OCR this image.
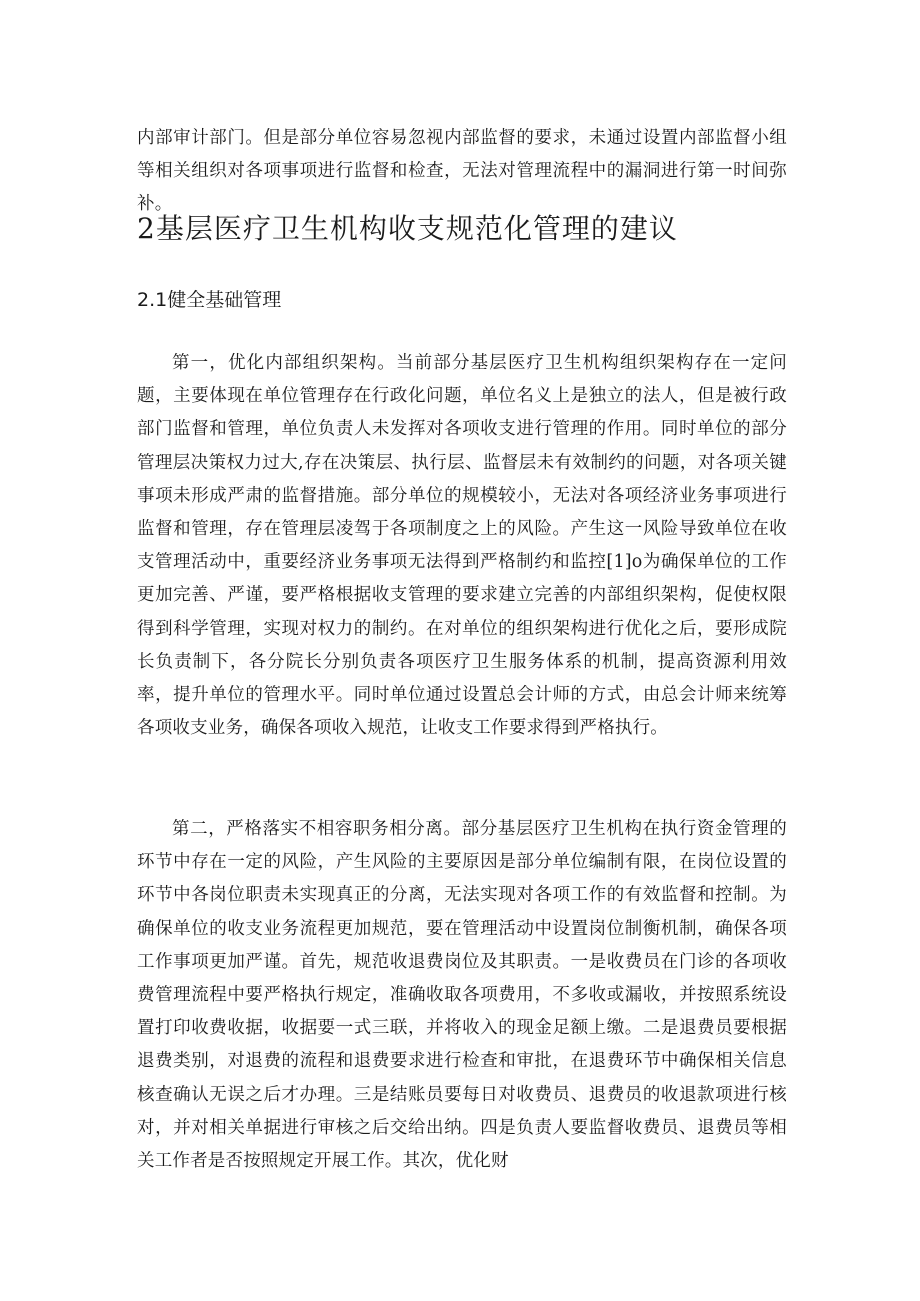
内部审计部门。但是部分单位容易忽视内部监督的要求，未通过设置内部监督小组等相关组织对各项事项进行监督和检查，无法对管理流程中的漏洞进行第一时间弥补。

2基层医疗卫生机构收支规范化管理的建议
2.1健全基础管理

第一，优化内部组织架构。当前部分基层医疗卫生机构组织架构存在一定问题，主要体现在单位管理存在行政化问题，单位名义上是独立的法人，但是被行政部门监督和管理，单位负责人未发挥对各项收支进行管理的作用。同时单位的部分管理层决策权力过大,存在决策层、执行层、监督层未有效制约的问题，对各项关键事项未形成严肃的监督措施。部分单位的规模较小，无法对各项经济业务事项进行监督和管理，存在管理层凌驾于各项制度之上的风险。产生这一风险导致单位在收支管理活动中，重要经济业务事项无法得到严格制约和监控[1]o为确保单位的工作更加完善、严谨，要严格根据收支管理的要求建立完善的内部组织架构，促使权限得到科学管理，实现对权力的制约。在对单位的组织架构进行优化之后，要形成院长负责制下，各分院长分别负责各项医疗卫生服务体系的机制，提高资源利用效率，提升单位的管理水平。同时单位通过设置总会计师的方式，由总会计师来统筹各项收支业务，确保各项收入规范，让收支工作要求得到严格执行。

第二，严格落实不相容职务相分离。部分基层医疗卫生机构在执行资金管理的环节中存在一定的风险，产生风险的主要原因是部分单位编制有限，在岗位设置的环节中各岗位职责未实现真正的分离，无法实现对各项工作的有效监督和控制。为确保单位的收支业务流程更加规范，要在管理活动中设置岗位制衡机制，确保各项工作事项更加严谨。首先，规范收退费岗位及其职责。一是收费员在门诊的各项收费管理流程中要严格执行规定，准确收取各项费用，不多收或漏收，并按照系统设置打印收费收据，收据要一式三联，并将收入的现金足额上缴。二是退费员要根据退费类别，对退费的流程和退费要求进行检查和审批，在退费环节中确保相关信息核查确认无误之后才办理。三是结账员要每日对收费员、退费员的收退款项进行核对，并对相关单据进行审核之后交给出纳。四是负责人要监督收费员、退费员等相关工作者是否按照规定开展工作。其次，优化财
